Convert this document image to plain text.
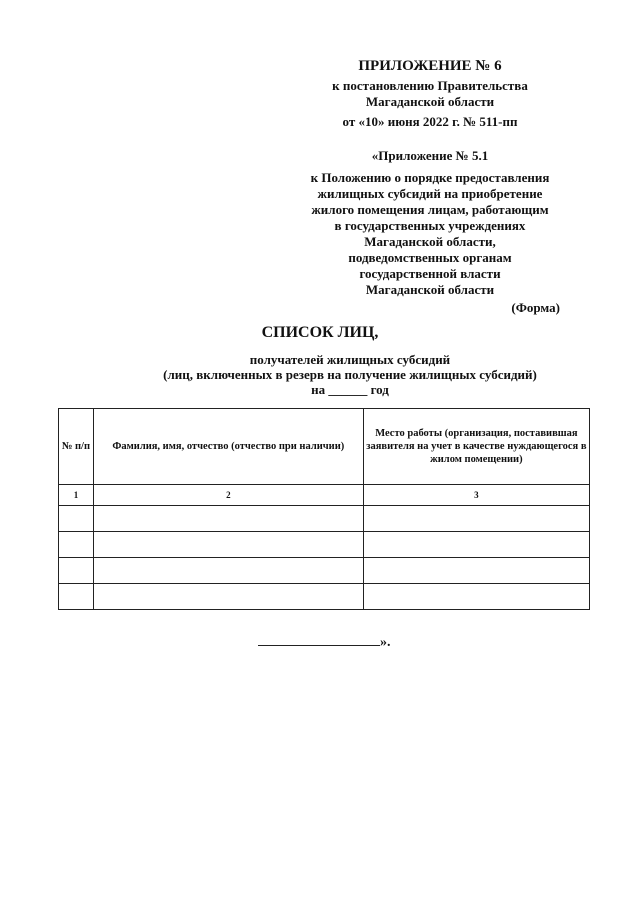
ПРИЛОЖЕНИЕ № 6
к постановлению Правительства
Магаданской области
от «10» июня 2022 г. № 511-пп
«Приложение № 5.1
к Положению о порядке предоставления
жилищных субсидий на приобретение
жилого помещения лицам, работающим
в государственных учреждениях
Магаданской области,
подведомственных органам
государственной власти
Магаданской области
(Форма)
СПИСОК ЛИЦ,
получателей жилищных субсидий
(лиц, включенных в резерв на получение жилищных субсидий)
на ______ год
№ п/п	Фамилия, имя, отчество (отчество при наличии)	Место работы (организация, поставившая заявителя на учет в качестве нуждающегося в жилом помещении)
1	2	3

».
